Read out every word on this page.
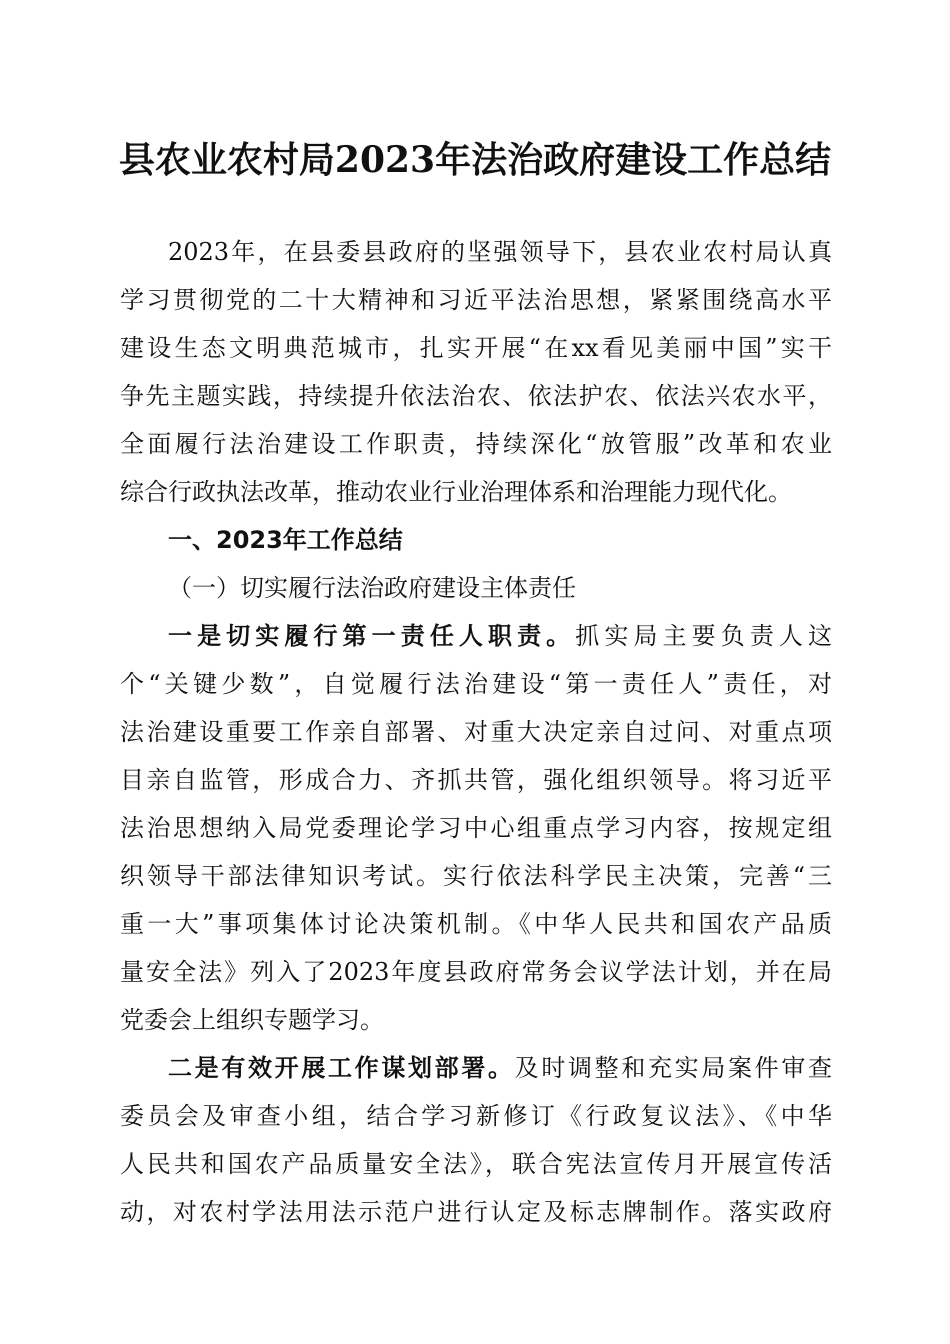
县农业农村局2023年法治政府建设工作总结
2023年，在县委县政府的坚强领导下，县农业农村局认真
学习贯彻党的二十大精神和习近平法治思想，紧紧围绕高水平
建设生态文明典范城市，扎实开展“在xx看见美丽中国”实干
争先主题实践，持续提升依法治农、依法护农、依法兴农水平，
全面履行法治建设工作职责，持续深化“放管服”改革和农业
综合行政执法改革，推动农业行业治理体系和治理能力现代化。
一、2023年工作总结
（一）切实履行法治政府建设主体责任
一是切实履行第一责任人职责。抓实局主要负责人这
个“关键少数”，自觉履行法治建设“第一责任人”责任，对
法治建设重要工作亲自部署、对重大决定亲自过问、对重点项
目亲自监管，形成合力、齐抓共管，强化组织领导。将习近平
法治思想纳入局党委理论学习中心组重点学习内容，按规定组
织领导干部法律知识考试。实行依法科学民主决策，完善“三
重一大”事项集体讨论决策机制。《中华人民共和国农产品质
量安全法》列入了2023年度县政府常务会议学法计划，并在局
党委会上组织专题学习。
二是有效开展工作谋划部署。及时调整和充实局案件审查
委员会及审查小组，结合学习新修订《行政复议法》、《中华
人民共和国农产品质量安全法》，联合宪法宣传月开展宣传活
动，对农村学法用法示范户进行认定及标志牌制作。落实政府
